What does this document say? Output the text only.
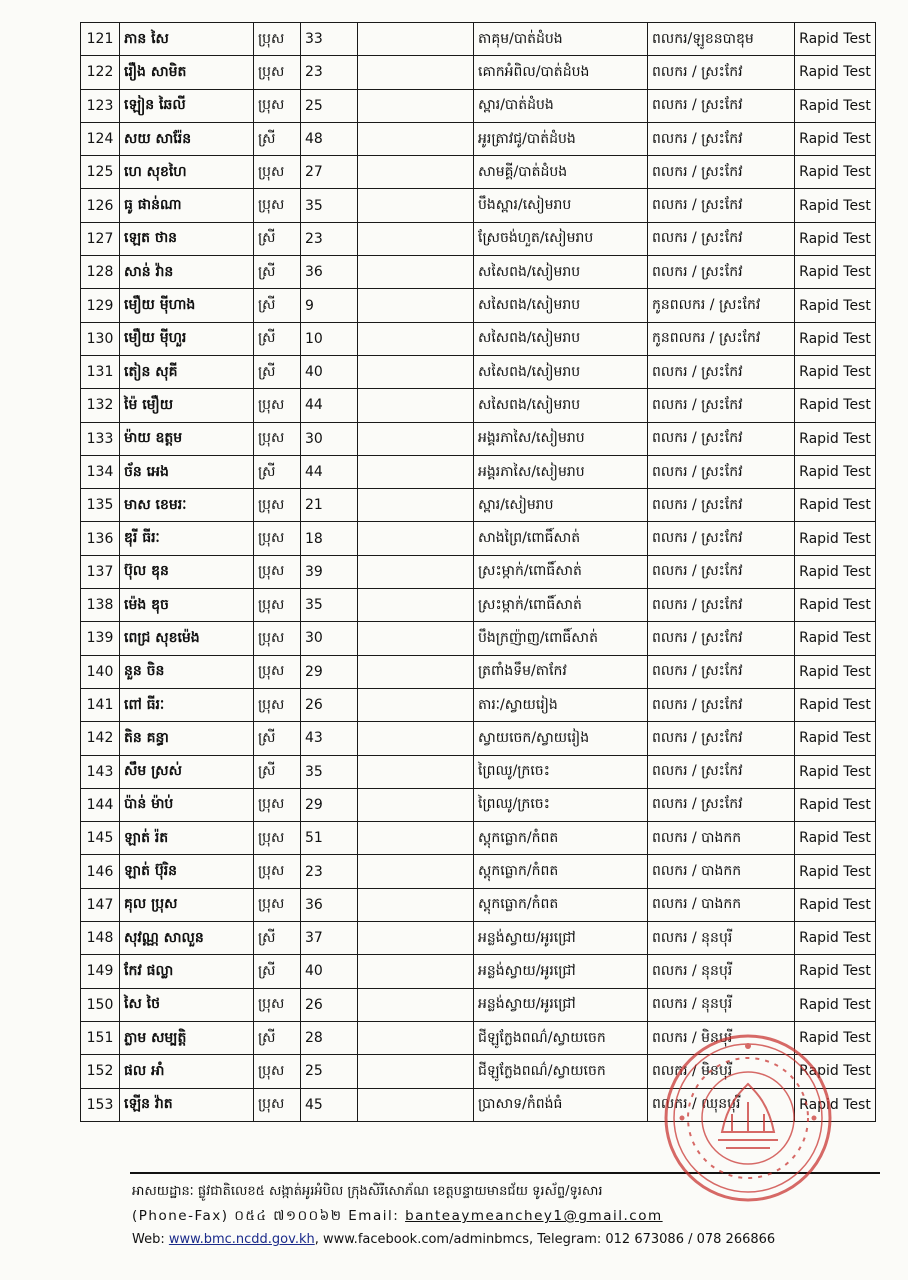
121	ភាន សៃ	ប្រុស	33		តាគុម/បាត់ដំបង	ពលករ/ឡូខនបាឌុម	Rapid Test
122	រឿង សាមិត	ប្រុស	23		គោកអំពិល/បាត់ដំបង	ពលករ / ស្រះកែវ	Rapid Test
123	ឡៀន ឆៃលី	ប្រុស	25		ស្ពារ/បាត់ដំបង	ពលករ / ស្រះកែវ	Rapid Test
124	សយ សារ៉ែន	ស្រី	48		អូរត្រាវជូ/បាត់ដំបង	ពលករ / ស្រះកែវ	Rapid Test
125	ហេ សុខហៃ	ប្រុស	27		សាមគ្គី/បាត់ដំបង	ពលករ / ស្រះកែវ	Rapid Test
126	ធូ ផាន់ណា	ប្រុស	35		បឹងស្ពារ/សៀមរាប	ពលករ / ស្រះកែវ	Rapid Test
127	ឡេត ថាន	ស្រី	23		ស្រែចង់ហួត/សៀមរាប	ពលករ / ស្រះកែវ	Rapid Test
128	សាន់ វ៉ាន	ស្រី	36		សសៃពង/សៀមរាប	ពលករ / ស្រះកែវ	Rapid Test
129	មឿយ ម៉ីហាង	ស្រី	9		សសៃពង/សៀមរាប	កូនពលករ / ស្រះកែវ	Rapid Test
130	មឿយ ម៉ីហួរ	ស្រី	10		សសៃពង/សៀមរាប	កូនពលករ / ស្រះកែវ	Rapid Test
131	តៀន សុគី	ស្រី	40		សសៃពង/សៀមរាប	ពលករ / ស្រះកែវ	Rapid Test
132	ម៉ៃ មឿយ	ប្រុស	44		សសៃពង/សៀមរាប	ពលករ / ស្រះកែវ	Rapid Test
133	ម៉ាយ ឧត្តម	ប្រុស	30		អង្គរភាសៃ/សៀមរាប	ពលករ / ស្រះកែវ	Rapid Test
134	ច័ន អេង	ស្រី	44		អង្គរភាសៃ/សៀមរាប	ពលករ / ស្រះកែវ	Rapid Test
135	មាស ខេមរៈ	ប្រុស	21		ស្ពារ/សៀមរាប	ពលករ / ស្រះកែវ	Rapid Test
136	ឌុរី ធីរៈ	ប្រុស	18		សាងព្រៃ/ពោធិ៍សាត់	ពលករ / ស្រះកែវ	Rapid Test
137	ប៊ុល ឌុន	ប្រុស	39		ស្រះម្កាក់/ពោធិ៍សាត់	ពលករ / ស្រះកែវ	Rapid Test
138	ម៉េង ឌុច	ប្រុស	35		ស្រះម្កាក់/ពោធិ៍សាត់	ពលករ / ស្រះកែវ	Rapid Test
139	ពេជ្រ សុខម៉េង	ប្រុស	30		បឹងក្រញ៉ាញ/ពោធិ៍សាត់	ពលករ / ស្រះកែវ	Rapid Test
140	នួន ចិន	ប្រុស	29		ត្រពាំងទឹម/តាកែវ	ពលករ / ស្រះកែវ	Rapid Test
141	ពៅ ធីរៈ	ប្រុស	26		តារៈ/ស្វាយរៀង	ពលករ / ស្រះកែវ	Rapid Test
142	តិន គន្ធា	ស្រី	43		ស្វាយចេក/ស្វាយរៀង	ពលករ / ស្រះកែវ	Rapid Test
143	សឹម ស្រស់	ស្រី	35		ព្រៃឈូ/ក្រចេះ	ពលករ / ស្រះកែវ	Rapid Test
144	ប៉ាន់ ម៉ាប់	ប្រុស	29		ព្រៃឈូ/ក្រចេះ	ពលករ / ស្រះកែវ	Rapid Test
145	ឡាត់ រ៉ត	ប្រុស	51		ស្តុកធ្លោក/កំពត	ពលករ / បាងកក	Rapid Test
146	ឡាត់ ប៊ុរិន	ប្រុស	23		ស្តុកធ្លោក/កំពត	ពលករ / បាងកក	Rapid Test
147	គុល ប្រុស	ប្រុស	36		ស្តុកធ្លោក/កំពត	ពលករ / បាងកក	Rapid Test
148	សុវណ្ណ សាលួន	ស្រី	37		អន្លង់ស្វាយ/អូរជ្រៅ	ពលករ / នុនបុរី	Rapid Test
149	កែវ ផល្លា	ស្រី	40		អន្លង់ស្វាយ/អូរជ្រៅ	ពលករ / នុនបុរី	Rapid Test
150	សៃ ថៃ	ប្រុស	26		អន្លង់ស្វាយ/អូរជ្រៅ	ពលករ / នុនបុរី	Rapid Test
151	ភ្លាម សម្បត្តិ	ស្រី	28		ជីឡូក្លែងពណ៌/ស្វាយចេក	ពលករ / មិនបុរី	Rapid Test
152	ផល អាំ	ប្រុស	25		ជីឡូក្លែងពណ៌/ស្វាយចេក	ពលករ / មិនបុរី	Rapid Test
153	ឡើន វ៉ាត	ប្រុស	45		ប្រាសាទ/កំពង់ធំ	ពលករ / ឈុនបុរី	Rapid Test
អាសយដ្ឋានៈ ផ្លូវជាតិលេខ៥ សង្កាត់អូរអំបិល ក្រុងសិរីសោភ័ណ ខេត្តបន្ទាយមានជ័យ ទូរស័ព្ទ/ទូរសារ
(Phone-Fax) ០៥៤ ៧១០០៦២ Email: banteaymeanchey1@gmail.com
Web: www.bmc.ncdd.gov.kh, www.facebook.com/adminbmcs, Telegram: 012 673086 / 078 266866
